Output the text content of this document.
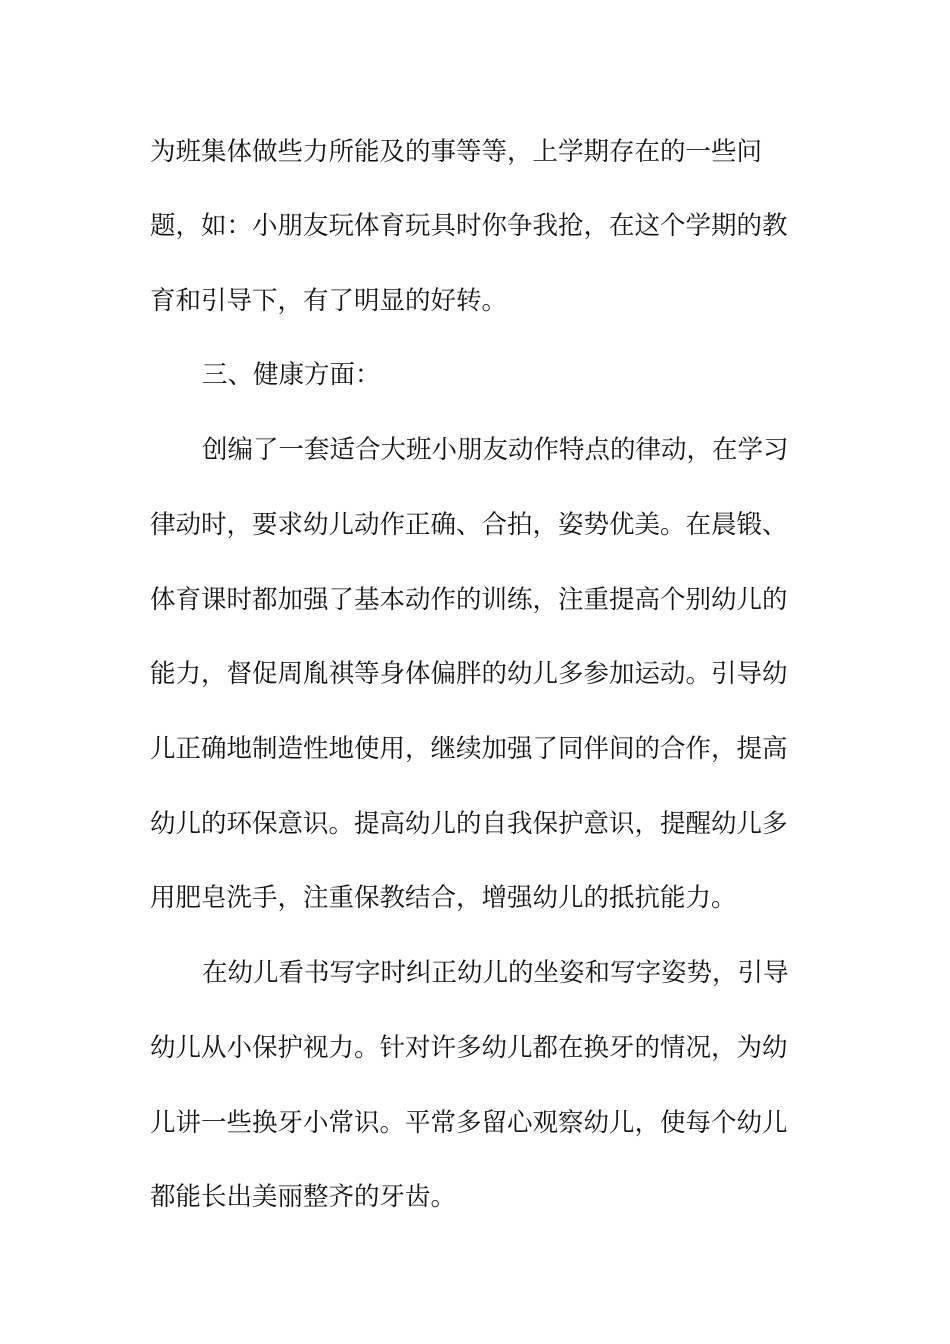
为班集体做些力所能及的事等等，上学期存在的一些问
题，如：小朋友玩体育玩具时你争我抢，在这个学期的教
育和引导下，有了明显的好转。
三、健康方面：
创编了一套适合大班小朋友动作特点的律动，在学习
律动时，要求幼儿动作正确、合拍，姿势优美。在晨锻、
体育课时都加强了基本动作的训练，注重提高个别幼儿的
能力，督促周胤祺等身体偏胖的幼儿多参加运动。引导幼
儿正确地制造性地使用，继续加强了同伴间的合作，提高
幼儿的环保意识。提高幼儿的自我保护意识，提醒幼儿多
用肥皂洗手，注重保教结合，增强幼儿的抵抗能力。
在幼儿看书写字时纠正幼儿的坐姿和写字姿势，引导
幼儿从小保护视力。针对许多幼儿都在换牙的情况，为幼
儿讲一些换牙小常识。平常多留心观察幼儿，使每个幼儿
都能长出美丽整齐的牙齿。
